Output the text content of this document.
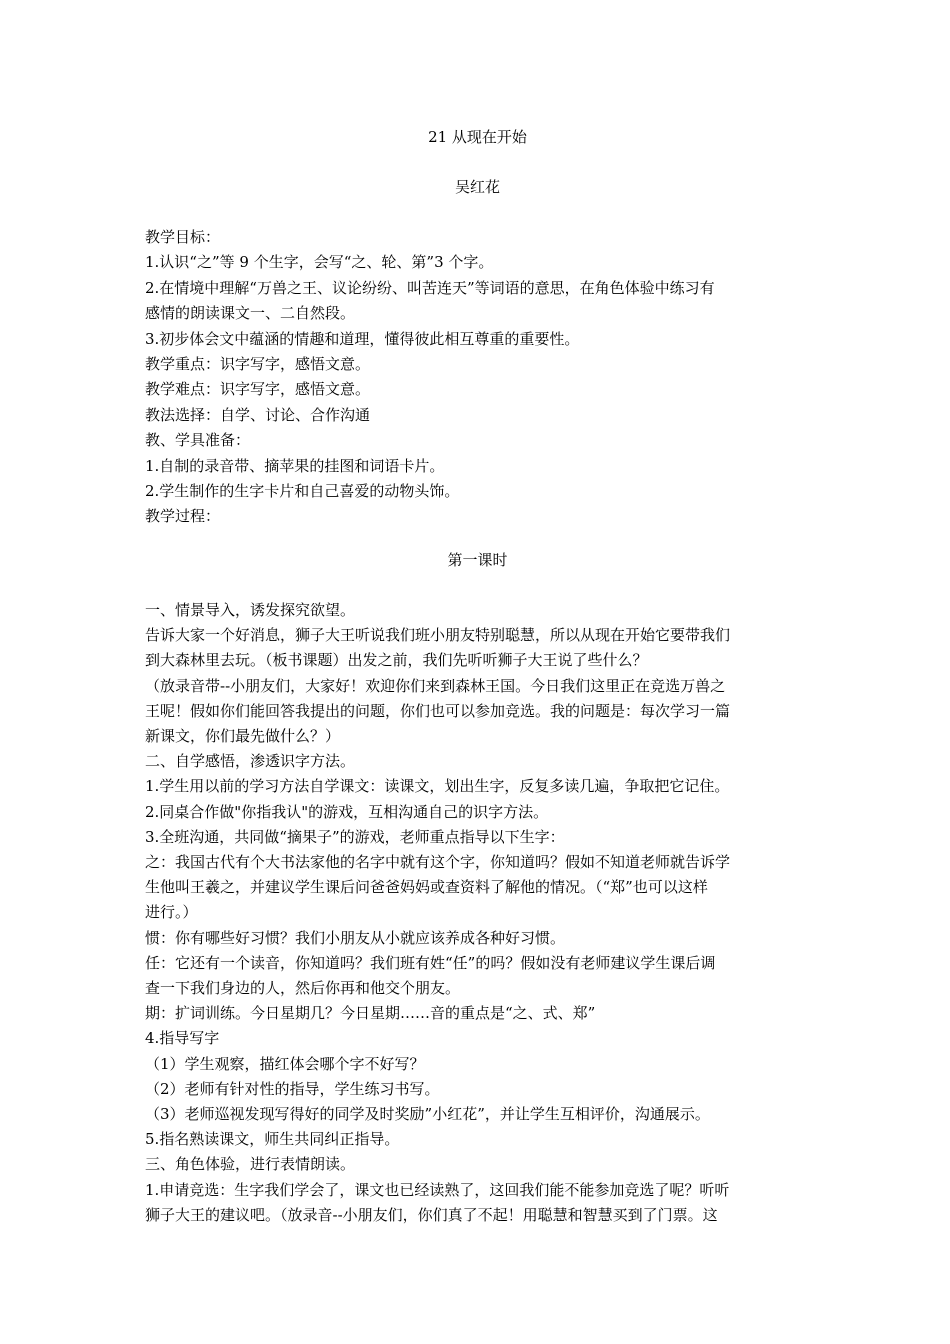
21 从现在开始
吴红花
教学目标：
1.认识“之”等 9 个生字，会写“之、轮、第”3 个字。
2.在情境中理解“万兽之王、议论纷纷、叫苦连天”等词语的意思，在角色体验中练习有
感情的朗读课文一、二自然段。
3.初步体会文中蕴涵的情趣和道理，懂得彼此相互尊重的重要性。
教学重点：识字写字，感悟文意。
教学难点：识字写字，感悟文意。
教法选择：自学、讨论、合作沟通
教、学具准备：
1.自制的录音带、摘苹果的挂图和词语卡片。
2.学生制作的生字卡片和自己喜爱的动物头饰。
教学过程：
第一课时
一、情景导入，诱发探究欲望。
告诉大家一个好消息，狮子大王听说我们班小朋友特别聪慧，所以从现在开始它要带我们
到大森林里去玩。（板书课题）出发之前，我们先听听狮子大王说了些什么？
（放录音带--小朋友们，大家好！欢迎你们来到森林王国。今日我们这里正在竞选万兽之
王呢！假如你们能回答我提出的问题，你们也可以参加竞选。我的问题是：每次学习一篇
新课文，你们最先做什么？）
二、自学感悟，渗透识字方法。
1.学生用以前的学习方法自学课文：读课文，划出生字，反复多读几遍，争取把它记住。
2.同桌合作做"你指我认"的游戏，互相沟通自己的识字方法。
3.全班沟通，共同做“摘果子”的游戏，老师重点指导以下生字：
之：我国古代有个大书法家他的名字中就有这个字，你知道吗？假如不知道老师就告诉学
生他叫王羲之，并建议学生课后问爸爸妈妈或查资料了解他的情况。（“郑”也可以这样
进行。）
惯：你有哪些好习惯？我们小朋友从小就应该养成各种好习惯。
任：它还有一个读音，你知道吗？我们班有姓“任”的吗？假如没有老师建议学生课后调
查一下我们身边的人，然后你再和他交个朋友。
期：扩词训练。今日星期几？今日星期……音的重点是“之、式、郑”
4.指导写字
（1）学生观察，描红体会哪个字不好写？
（2）老师有针对性的指导，学生练习书写。
（3）老师巡视发现写得好的同学及时奖励”小红花”，并让学生互相评价，沟通展示。
5.指名熟读课文，师生共同纠正指导。
三、角色体验，进行表情朗读。
1.申请竞选：生字我们学会了，课文也已经读熟了，这回我们能不能参加竞选了呢？听听
狮子大王的建议吧。（放录音--小朋友们，你们真了不起！用聪慧和智慧买到了门票。这
